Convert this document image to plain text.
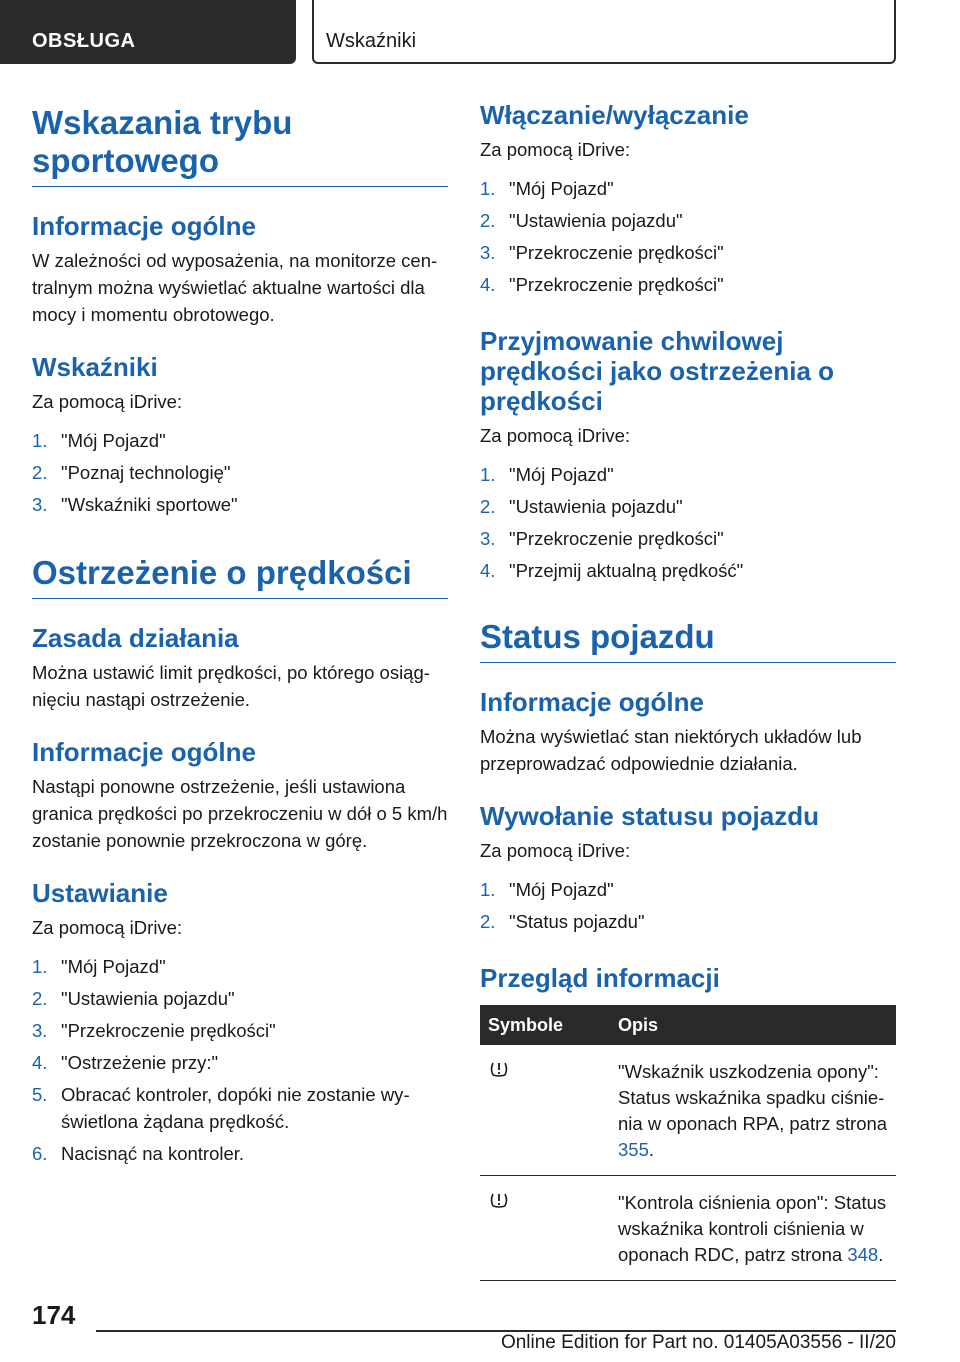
OBSŁUGA	Wskaźniki
Wskazania trybu sportowego
Informacje ogólne

W zależności od wyposażenia, na monitorze centralnym można wyświetlać aktualne wartości dla mocy i momentu obrotowego.

Wskaźniki

Za pomocą iDrive:

1. "Mój Pojazd"
2. "Poznaj technologię"
3. "Wskaźniki sportowe"
Ostrzeżenie o prędkości
Zasada działania

Można ustawić limit prędkości, po którego osiągnięciu nastąpi ostrzeżenie.

Informacje ogólne

Nastąpi ponowne ostrzeżenie, jeśli ustawiona granica prędkości po przekroczeniu w dół o 5 km/h zostanie ponownie przekroczona w górę.

Ustawianie

Za pomocą iDrive:

1. "Mój Pojazd"
2. "Ustawienia pojazdu"
3. "Przekroczenie prędkości"
4. "Ostrzeżenie przy:"
5. Obracać kontroler, dopóki nie zostanie wyświetlona żądana prędkość.
6. Nacisnąć na kontroler.
Włączanie/wyłączanie

Za pomocą iDrive:

1. "Mój Pojazd"
2. "Ustawienia pojazdu"
3. "Przekroczenie prędkości"
4. "Przekroczenie prędkości"
Przyjmowanie chwilowej prędkości jako ostrzeżenia o prędkości

Za pomocą iDrive:

1. "Mój Pojazd"
2. "Ustawienia pojazdu"
3. "Przekroczenie prędkości"
4. "Przejmij aktualną prędkość"
Status pojazdu
Informacje ogólne

Można wyświetlać stan niektórych układów lub przeprowadzać odpowiednie działania.

Wywołanie statusu pojazdu

Za pomocą iDrive:

1. "Mój Pojazd"
2. "Status pojazdu"
Przegląd informacji
Symbole	Opis
	"Wskaźnik uszkodzenia opony": Status wskaźnika spadku ciśnienia w oponach RPA, patrz strona 355.
	"Kontrola ciśnienia opon": Status wskaźnika kontroli ciśnienia w oponach RDC, patrz strona 348.
174
Online Edition for Part no. 01405A03556 - II/20
